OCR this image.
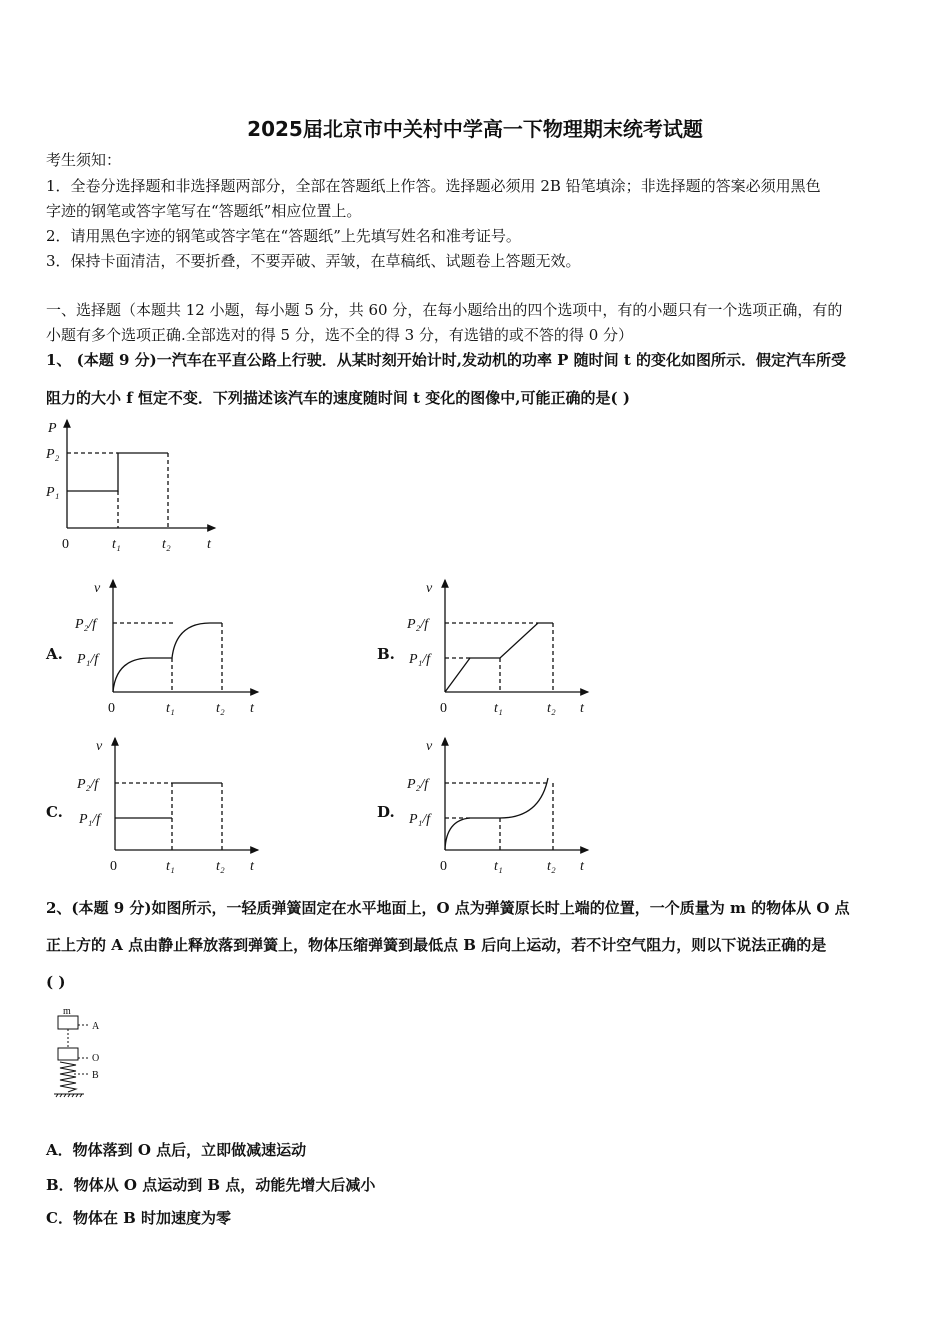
2025届北京市中关村中学高一下物理期末统考试题
考生须知：
1．全卷分选择题和非选择题两部分，全部在答题纸上作答。选择题必须用 2B 铅笔填涂；非选择题的答案必须用黑色
字迹的钢笔或答字笔写在“答题纸”相应位置上。
2．请用黑色字迹的钢笔或答字笔在“答题纸”上先填写姓名和准考证号。
3．保持卡面清洁，不要折叠，不要弄破、弄皱，在草稿纸、试题卷上答题无效。
一、选择题（本题共 12 小题，每小题 5 分，共 60 分，在每小题给出的四个选项中，有的小题只有一个选项正确，有的
小题有多个选项正确.全部选对的得 5 分，选不全的得 3 分，有选错的或不答的得 0 分）
1、 (本题 9 分)一汽车在平直公路上行驶．从某时刻开始计时,发动机的功率 P 随时间 t 的变化如图所示．假定汽车所受
阻力的大小 f 恒定不变．下列描述该汽车的速度随时间 t 变化的图像中,可能正确的是( )
P
P₂
P₁
0	t₁	t₂	t
v
P₂/f
P₁/f
0	t₁	t₂ t
v
P₂/f
P₁/f
0	t₁	t₂ t
v
P₂/f
P₁/f
0	t₁	t₂ t
v
P₂/f
P₁/f
0	t₁	t₂ t
m
A
O
B
A.	B.
C.	D.
2、(本题 9 分)如图所示，一轻质弹簧固定在水平地面上，O 点为弹簧原长时上端的位置，一个质量为 m 的物体从 O 点
正上方的 A 点由静止释放落到弹簧上，物体压缩弹簧到最低点 B 后向上运动，若不计空气阻力，则以下说法正确的是
( )
A．物体落到 O 点后，立即做减速运动
B．物体从 O 点运动到 B 点，动能先增大后减小
C．物体在 B 时加速度为零
